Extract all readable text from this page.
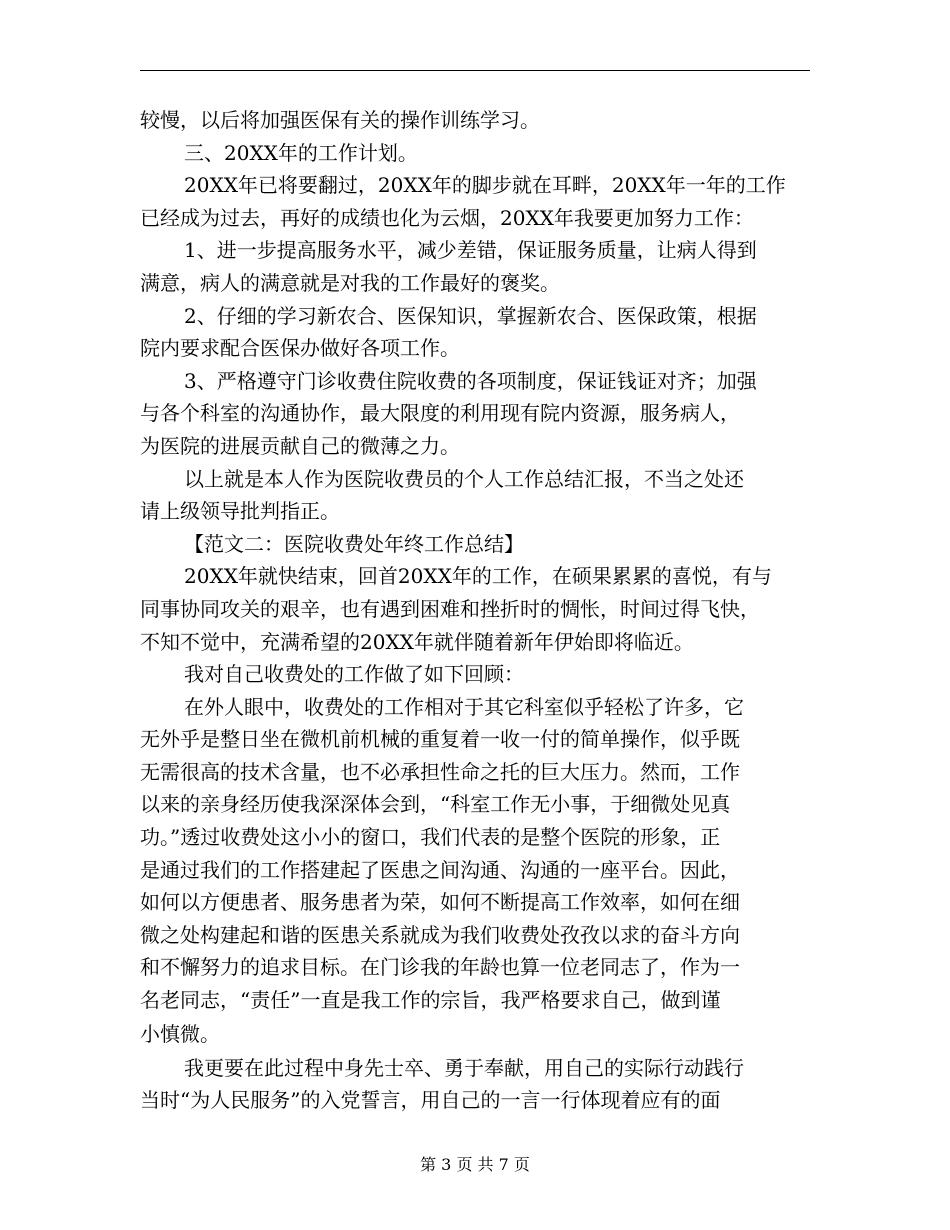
较慢，以后将加强医保有关的操作训练学习。
三、20XX年的工作计划。
20XX年已将要翻过，20XX年的脚步就在耳畔，20XX年一年的工作
已经成为过去，再好的成绩也化为云烟，20XX年我要更加努力工作：
1、进一步提高服务水平，减少差错，保证服务质量，让病人得到
满意，病人的满意就是对我的工作最好的褒奖。
2、仔细的学习新农合、医保知识，掌握新农合、医保政策，根据
院内要求配合医保办做好各项工作。
3、严格遵守门诊收费住院收费的各项制度，保证钱证对齐；加强
与各个科室的沟通协作，最大限度的利用现有院内资源，服务病人，
为医院的进展贡献自己的微薄之力。
以上就是本人作为医院收费员的个人工作总结汇报，不当之处还
请上级领导批判指正。
【范文二：医院收费处年终工作总结】
20XX年就快结束，回首20XX年的工作，在硕果累累的喜悦，有与
同事协同攻关的艰辛，也有遇到困难和挫折时的惆怅，时间过得飞快，
不知不觉中，充满希望的20XX年就伴随着新年伊始即将临近。
我对自己收费处的工作做了如下回顾：
在外人眼中，收费处的工作相对于其它科室似乎轻松了许多，它
无外乎是整日坐在微机前机械的重复着一收一付的简单操作，似乎既
无需很高的技术含量，也不必承担性命之托的巨大压力。然而，工作
以来的亲身经历使我深深体会到，“科室工作无小事，于细微处见真
功。”透过收费处这小小的窗口，我们代表的是整个医院的形象，正
是通过我们的工作搭建起了医患之间沟通、沟通的一座平台。因此，
如何以方便患者、服务患者为荣，如何不断提高工作效率，如何在细
微之处构建起和谐的医患关系就成为我们收费处孜孜以求的奋斗方向
和不懈努力的追求目标。在门诊我的年龄也算一位老同志了，作为一
名老同志，“责任”一直是我工作的宗旨，我严格要求自己，做到谨
小慎微。
我更要在此过程中身先士卒、勇于奉献，用自己的实际行动践行
当时“为人民服务”的入党誓言，用自己的一言一行体现着应有的面
第 3 页 共 7 页
